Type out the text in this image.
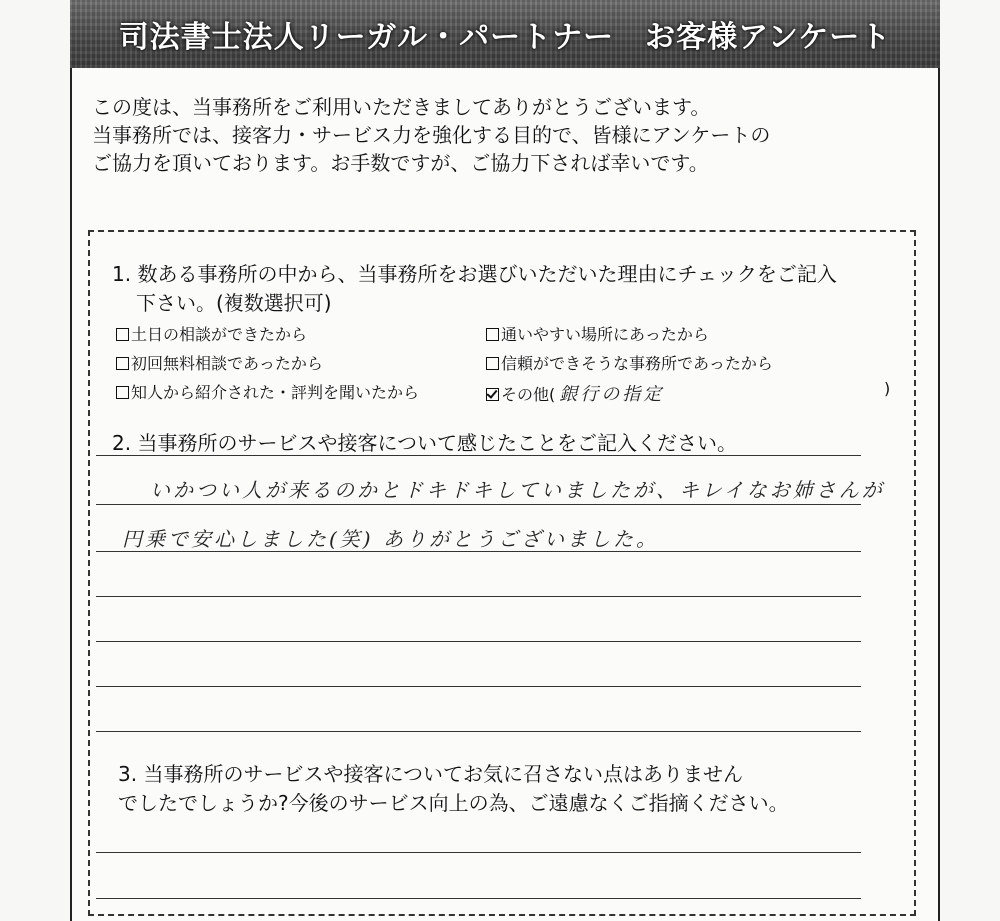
司法書士法人リーガル・パートナー　お客様アンケート
この度は、当事務所をご利用いただきましてありがとうございます。
当事務所では、接客力・サービス力を強化する目的で、皆様にアンケートの
ご協力を頂いております。お手数ですが、ご協力下されば幸いです。
1. 数ある事務所の中から、当事務所をお選びいただいた理由にチェックをご記入
下さい。(複数選択可)
土日の相談ができたから	通いやすい場所にあったから
初回無料相談であったから	信頼ができそうな事務所であったから
知人から紹介された・評判を聞いたから	その他( 銀行の指定	)
2. 当事務所のサービスや接客について感じたことをご記入ください。
いかつい人が来るのかとドキドキしていましたが、キレイなお姉さんが
円乗で安心しました(笑) ありがとうございました。
3. 当事務所のサービスや接客についてお気に召さない点はありません
でしたでしょうか?今後のサービス向上の為、ご遠慮なくご指摘ください。
